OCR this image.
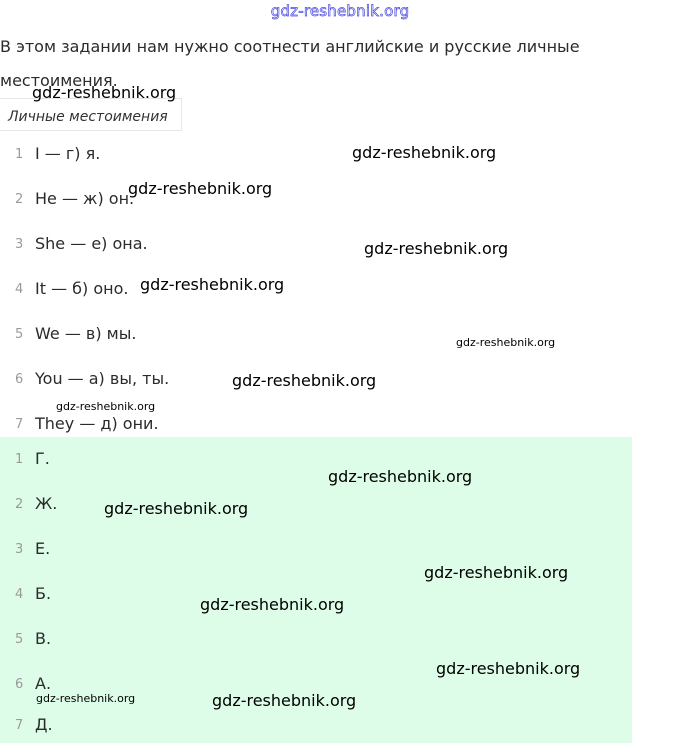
gdz-reshebnik.org
В этом задании нам нужно соотнести английские и русские личные местоимения.
Личные местоимения
1 I — г) я.
2 He — ж) он.
3 She — е) она.
4 It — б) оно.
5 We — в) мы.
6 You — а) вы, ты.
7 They — д) они.
1 Г.
2 Ж.
3 Е.
4 Б.
5 В.
6 А.
7 Д.
gdz-reshebnik.org
gdz-reshebnik.org
gdz-reshebnik.org
gdz-reshebnik.org
gdz-reshebnik.org
gdz-reshebnik.org
gdz-reshebnik.org
gdz-reshebnik.org
gdz-reshebnik.org
gdz-reshebnik.org
gdz-reshebnik.org
gdz-reshebnik.org
gdz-reshebnik.org
gdz-reshebnik.org	gdz-reshebnik.org
